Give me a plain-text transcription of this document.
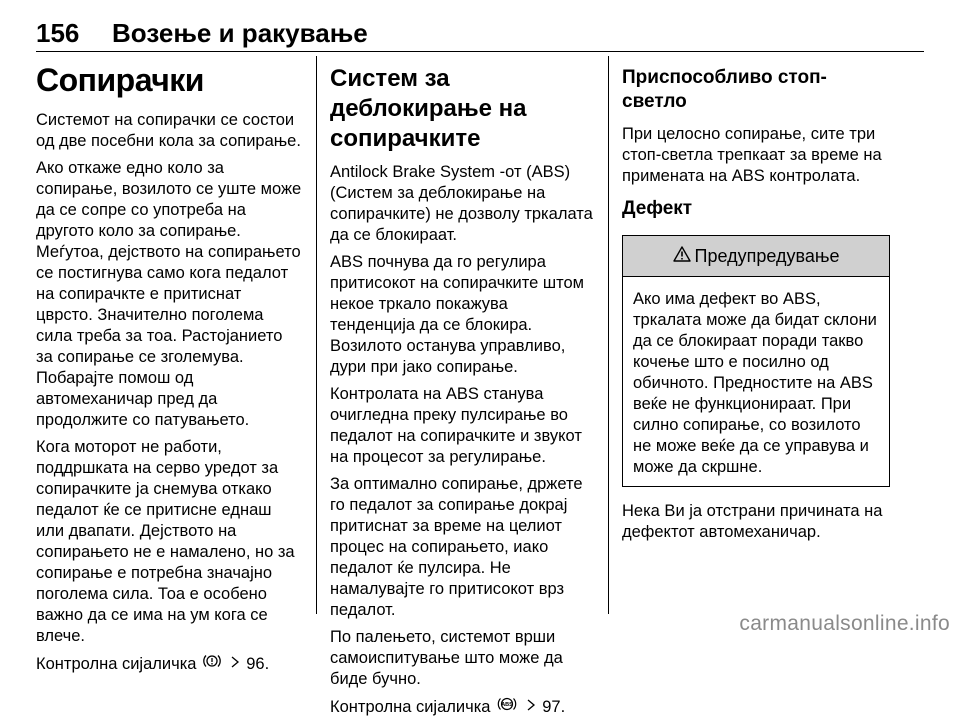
156 Возење и ракување
Сопирачки

Системот на сопирачки се состои од две посебни кола за сопирање.

Ако откаже едно коло за сопирање, возилото се уште може да се сопре со употреба на другото коло за сопирање. Меѓутоа, дејството на сопирањето се постигнува само кога педалот на сопирачкте е притиснат цврсто. Значително поголема сила треба за тоа. Растојанието за сопирање се зголемува. Побарајте помош од автомеханичар пред да продолжите со патувањето.

Кога моторот не работи, поддршката на серво уредот за сопирачките ја снемува откако педалот ќе се притисне еднаш или двапати. Дејството на сопирањето не е намалено, но за сопирање е потребна значајно поголема сила. Тоа е особено важно да се има на ум кога се влече.

Контролна сијаличка	96.

Систем за деблокирање на сопирачките

Antilock Brake System -от (ABS) (Систем за деблокирање на сопирачките) не дозволу тркалата да се блокираат.

ABS почнува да го регулира притисокот на сопирачките штом некое тркало покажува тенденција да се блокира. Возилото останува управливо, дури при јако сопирање.

Контролата на ABS станува очигледна преку пулсирање во педалот на сопирачките и звукот на процесот за регулирање.

За оптимално сопирање, држете го педалот за сопирање докрај притиснат за време на целиот процес на сопирањето, иако педалот ќе пулсира. Не намалувајте го притисокот врз педалот.

По палењето, системот врши самоиспитување што може да биде бучно.

Контролна сијаличка ABS 97.

Приспособливо стоп-светло

При целосно сопирање, сите три стоп-светла трепкаат за време на примената на ABS контролата.

Дефект
Предупредување

Ако има дефект во ABS, тркалата може да бидат склони да се блокираат поради такво кочење што е посилно од обичното. Предностите на ABS веќе не функционираат. При силно сопирање, со возилото не може веќе да се управува и може да скршне.

Нека Ви ја отстрани причината на дефектот автомеханичар.

carmanualsonline.info
